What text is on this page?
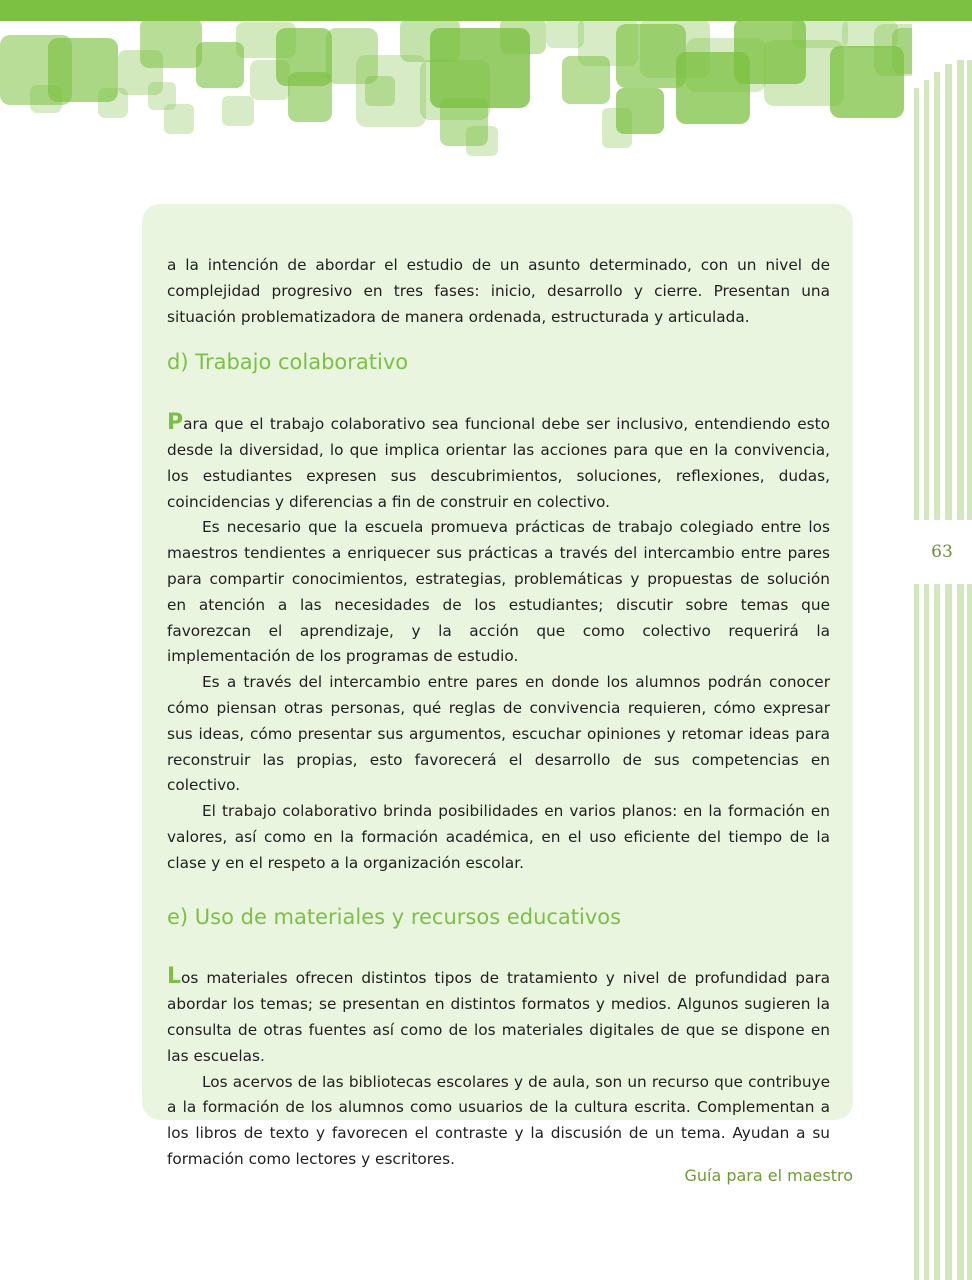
63

a la intención de abordar el estudio de un asunto determinado, con un nivel de complejidad progresivo en tres fases: inicio, desarrollo y cierre. Presentan una situación problematizadora de manera ordenada, estructurada y articulada.

d) Trabajo colaborativo

Para que el trabajo colaborativo sea funcional debe ser inclusivo, entendiendo esto desde la diversidad, lo que implica orientar las acciones para que en la convivencia, los estudiantes expresen sus descubrimientos, soluciones, reflexiones, dudas, coincidencias y diferencias a fin de construir en colectivo.

Es necesario que la escuela promueva prácticas de trabajo colegiado entre los maestros tendientes a enriquecer sus prácticas a través del intercambio entre pares para compartir conocimientos, estrategias, problemáticas y propuestas de solución en atención a las necesidades de los estudiantes; discutir sobre temas que favorezcan el aprendizaje, y la acción que como colectivo requerirá la implementación de los programas de estudio.

Es a través del intercambio entre pares en donde los alumnos podrán conocer cómo piensan otras personas, qué reglas de convivencia requieren, cómo expresar sus ideas, cómo presentar sus argumentos, escuchar opiniones y retomar ideas para reconstruir las propias, esto favorecerá el desarrollo de sus competencias en colectivo.

El trabajo colaborativo brinda posibilidades en varios planos: en la formación en valores, así como en la formación académica, en el uso eficiente del tiempo de la clase y en el respeto a la organización escolar.

e) Uso de materiales y recursos educativos

Los materiales ofrecen distintos tipos de tratamiento y nivel de profundidad para abordar los temas; se presentan en distintos formatos y medios. Algunos sugieren la consulta de otras fuentes así como de los materiales digitales de que se dispone en las escuelas.

Los acervos de las bibliotecas escolares y de aula, son un recurso que contribuye a la formación de los alumnos como usuarios de la cultura escrita. Complementan a los libros de texto y favorecen el contraste y la discusión de un tema. Ayudan a su formación como lectores y escritores.

Guía para el maestro
